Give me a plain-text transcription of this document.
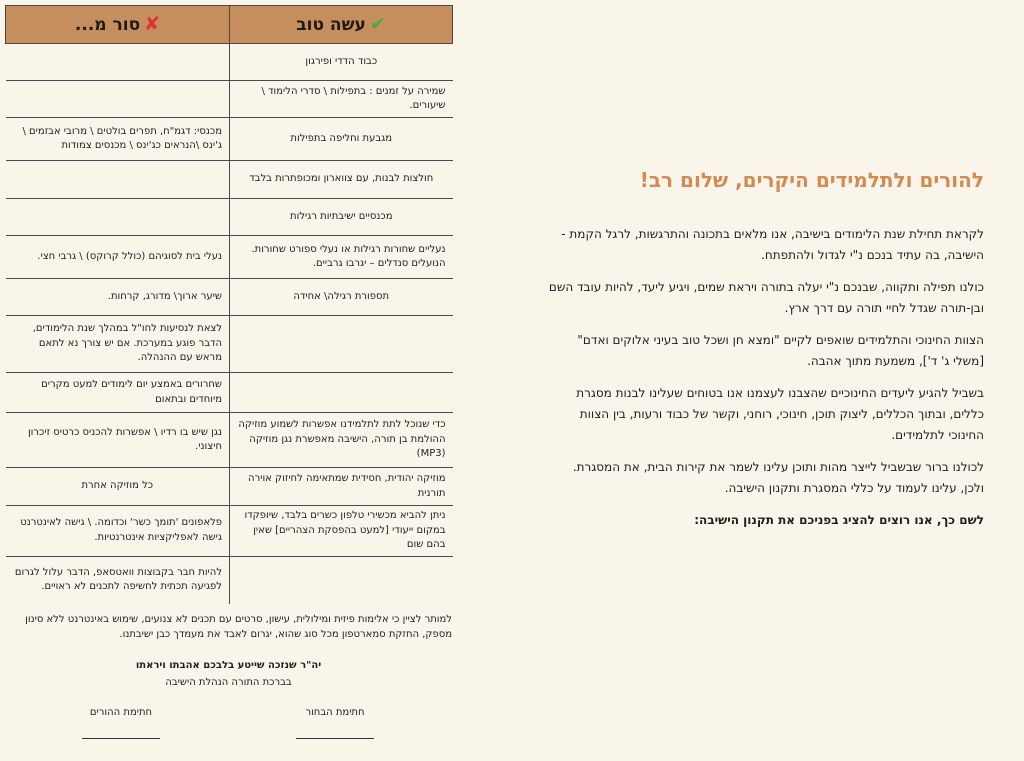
✔עשה טוב	✘סור מ...
כבוד הדדי ופירגון	
שמירה על זמנים : בתפילות \ סדרי הלימוד \ שיעורים.	
מגבעת וחליפה בתפילות	מכנסי: דגמ"ח, תפרים בולטים \ מרובי אבזמים \ ג'ינס \הנראים כג'ינס \ מכנסים צמודות
חולצות לבנות, עם צווארון ומכופתרות בלבד	
מכנסיים ישיבתיות רגילות	
נעליים שחורות רגילות או נעלי ספורט שחורות. הנועלים סנדלים – יגרבו גרביים.	נעלי בית לסוגיהם (כולל קרוקס) \ גרבי חצי.
תספורת רגילה\ אחידה	שיער ארוך\ מדורג, קרחות.
	לצאת לנסיעות לחו"ל במהלך שנת הלימודים, הדבר פוגע במערכת. אם יש צורך נא לתאם מראש עם ההנהלה.
	שחרורים באמצע יום לימודים למעט מקרים מיוחדים ובתאום
כדי שנוכל לתת לתלמידנו אפשרות לשמוע מוזיקה ההולמת בן תורה, הישיבה מאפשרת נגן מוזיקה (MP3)	נגן שיש בו רדיו \ אפשרות להכניס כרטיס זיכרון חיצוני.
מוזיקה יהודית, חסידית שמתאימה לחיזוק אוירה תורנית	כל מוזיקה אחרת
ניתן להביא מכשירי טלפון כשרים בלבד, שיופקדו במקום ייעודי [למעט בהפסקת הצהריים] שאין בהם שום	פלאפונים 'תומך כשר' וכדומה. \ גישה לאינטרנט גישה לאפליקציות אינטרנטיות.
	להיות חבר בקבוצות וואטסאפ, הדבר עלול לגרום לפגיעה תכתית לחשיפה לתכנים לא ראויים.

למותר לציין כי אלימות פיזית ומילולית, עישון, סרטים עם תכנים לא צנועים, שימוש באינטרנט ללא סינון מספק, החזקת סמארטפון מכל סוג שהוא, יגרום לאבד את מעמדך כבן ישיבתנו.

יה"ר שנזכה שייטע בלבכם אהבתו ויראתו
בברכת התורה הנהלת הישיבה
חתימת הבחור
חתימת ההורים
להורים ולתלמידים היקרים, שלום רב!

לקראת תחילת שנת הלימודים בישיבה, אנו מלאים בתכונה והתרגשות, לרגל הקמת -הישיבה, בה עתיד בנכם נ"י לגדול ולהתפתח.

כולנו תפילה ותקווה, שבנכם נ"י יעלה בתורה ויראת שמים, ויגיע ליעד, להיות עובד השם ובן-תורה שגדל לחיי תורה עם דרך ארץ.

הצוות החינוכי והתלמידים שואפים לקיים "ומצא חן ושכל טוב בעיני אלוקים ואדם" [משלי ג' ד'], משמעת מתוך אהבה.

בשביל להגיע ליעדים החינוכיים שהצבנו לעצמנו אנו בטוחים שעלינו לבנות מסגרת כללים, ובתוך הכללים, ליצוק תוכן, חינוכי, רוחני, וקשר של כבוד ורעות, בין הצוות החינוכי לתלמידים.

לכולנו ברור שבשביל לייצר מהות ותוכן עלינו לשמר את קירות הבית, את המסגרת. ולכן, עלינו לעמוד על כללי המסגרת ותקנון הישיבה.

לשם כך, אנו רוצים להציג בפניכם את תקנון הישיבה:
